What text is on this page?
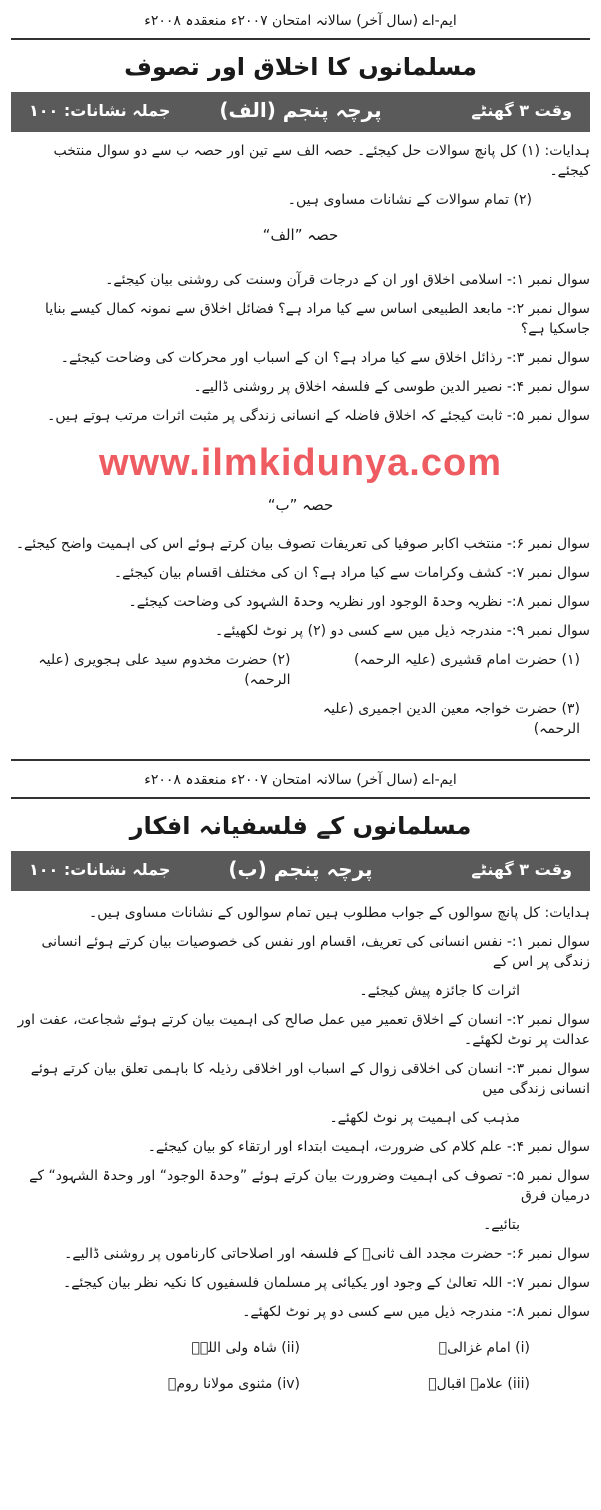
ایم-اے (سال آخر) سالانہ امتحان ۲۰۰۷ء منعقدہ ۲۰۰۸ء
مسلمانوں کا اخلاق اور تصوف
وقت ۳ گھنٹے
پرچہ پنجم (الف)
جملہ نشانات: ۱۰۰
ہدایات: (۱) کل پانچ سوالات حل کیجئے۔ حصہ الف سے تین اور حصہ ب سے دو سوال منتخب کیجئے۔
(۲) تمام سوالات کے نشانات مساوی ہیں۔
حصہ ”الف“
سوال نمبر ۱:- اسلامی اخلاق اور ان کے درجات قرآن وسنت کی روشنی بیان کیجئے۔
سوال نمبر ۲:- مابعد الطبیعی اساس سے کیا مراد ہے؟ فضائل اخلاق سے نمونہ کمال کیسے بنایا جاسکیا ہے؟
سوال نمبر ۳:- رذائل اخلاق سے کیا مراد ہے؟ ان کے اسباب اور محرکات کی وضاحت کیجئے۔
سوال نمبر ۴:- نصیر الدین طوسی کے فلسفہ اخلاق پر روشنی ڈالیے۔
سوال نمبر ۵:- ثابت کیجئے کہ اخلاق فاضلہ کے انسانی زندگی پر مثبت اثرات مرتب ہوتے ہیں۔
www.ilmkidunya.com
حصہ ”ب“
سوال نمبر ۶:- منتخب اکابر صوفیا کی تعریفات تصوف بیان کرتے ہوئے اس کی اہمیت واضح کیجئے۔
سوال نمبر ۷:- کشف وکرامات سے کیا مراد ہے؟ ان کی مختلف اقسام بیان کیجئے۔
سوال نمبر ۸:- نظریہ وحدۃ الوجود اور نظریہ وحدۃ الشہود کی وضاحت کیجئے۔
سوال نمبر ۹:- مندرجہ ذیل میں سے کسی دو (۲) پر نوٹ لکھیئے۔
(۱) حضرت امام قشیری (علیہ الرحمہ)
(۲) حضرت مخدوم سید علی ہجویری (علیہ الرحمہ)
(۳) حضرت خواجہ معین الدین اجمیری (علیہ الرحمہ)
ایم-اے (سال آخر) سالانہ امتحان ۲۰۰۷ء منعقدہ ۲۰۰۸ء
مسلمانوں کے فلسفیانہ افکار
وقت ۳ گھنٹے
پرچہ پنجم (ب)
جملہ نشانات: ۱۰۰
ہدایات: کل پانچ سوالوں کے جواب مطلوب ہیں تمام سوالوں کے نشانات مساوی ہیں۔
سوال نمبر ۱:- نفس انسانی کی تعریف، اقسام اور نفس کی خصوصیات بیان کرتے ہوئے انسانی زندگی پر اس کے
اثرات کا جائزہ پیش کیجئے۔
سوال نمبر ۲:- انسان کے اخلاق تعمیر میں عمل صالح کی اہمیت بیان کرتے ہوئے شجاعت، عفت اور عدالت پر نوٹ لکھئے۔
سوال نمبر ۳:- انسان کی اخلاقی زوال کے اسباب اور اخلاقی رذیلہ کا باہمی تعلق بیان کرتے ہوئے انسانی زندگی میں
مذہب کی اہمیت پر نوٹ لکھئے۔
سوال نمبر ۴:- علم کلام کی ضرورت، اہمیت ابتداء اور ارتقاء کو بیان کیجئے۔
سوال نمبر ۵:- تصوف کی اہمیت وضرورت بیان کرتے ہوئے ”وحدۃ الوجود“ اور وحدۃ الشہود“ کے درمیان فرق
بتائیے۔
سوال نمبر ۶:- حضرت مجدد الف ثانیؒ کے فلسفہ اور اصلاحاتی کارناموں پر روشنی ڈالیے۔
سوال نمبر ۷:- اللہ تعالیٰ کے وجود اور یکیائی پر مسلمان فلسفیوں کا نکیہ نظر بیان کیجئے۔
سوال نمبر ۸:- مندرجہ ذیل میں سے کسی دو پر نوٹ لکھئے۔
(i) امام غزالیؒ
(ii) شاہ ولی اللہؒ
(iii) علامہ اقبالؒ
(iv) مثنوی مولانا رومؒ
